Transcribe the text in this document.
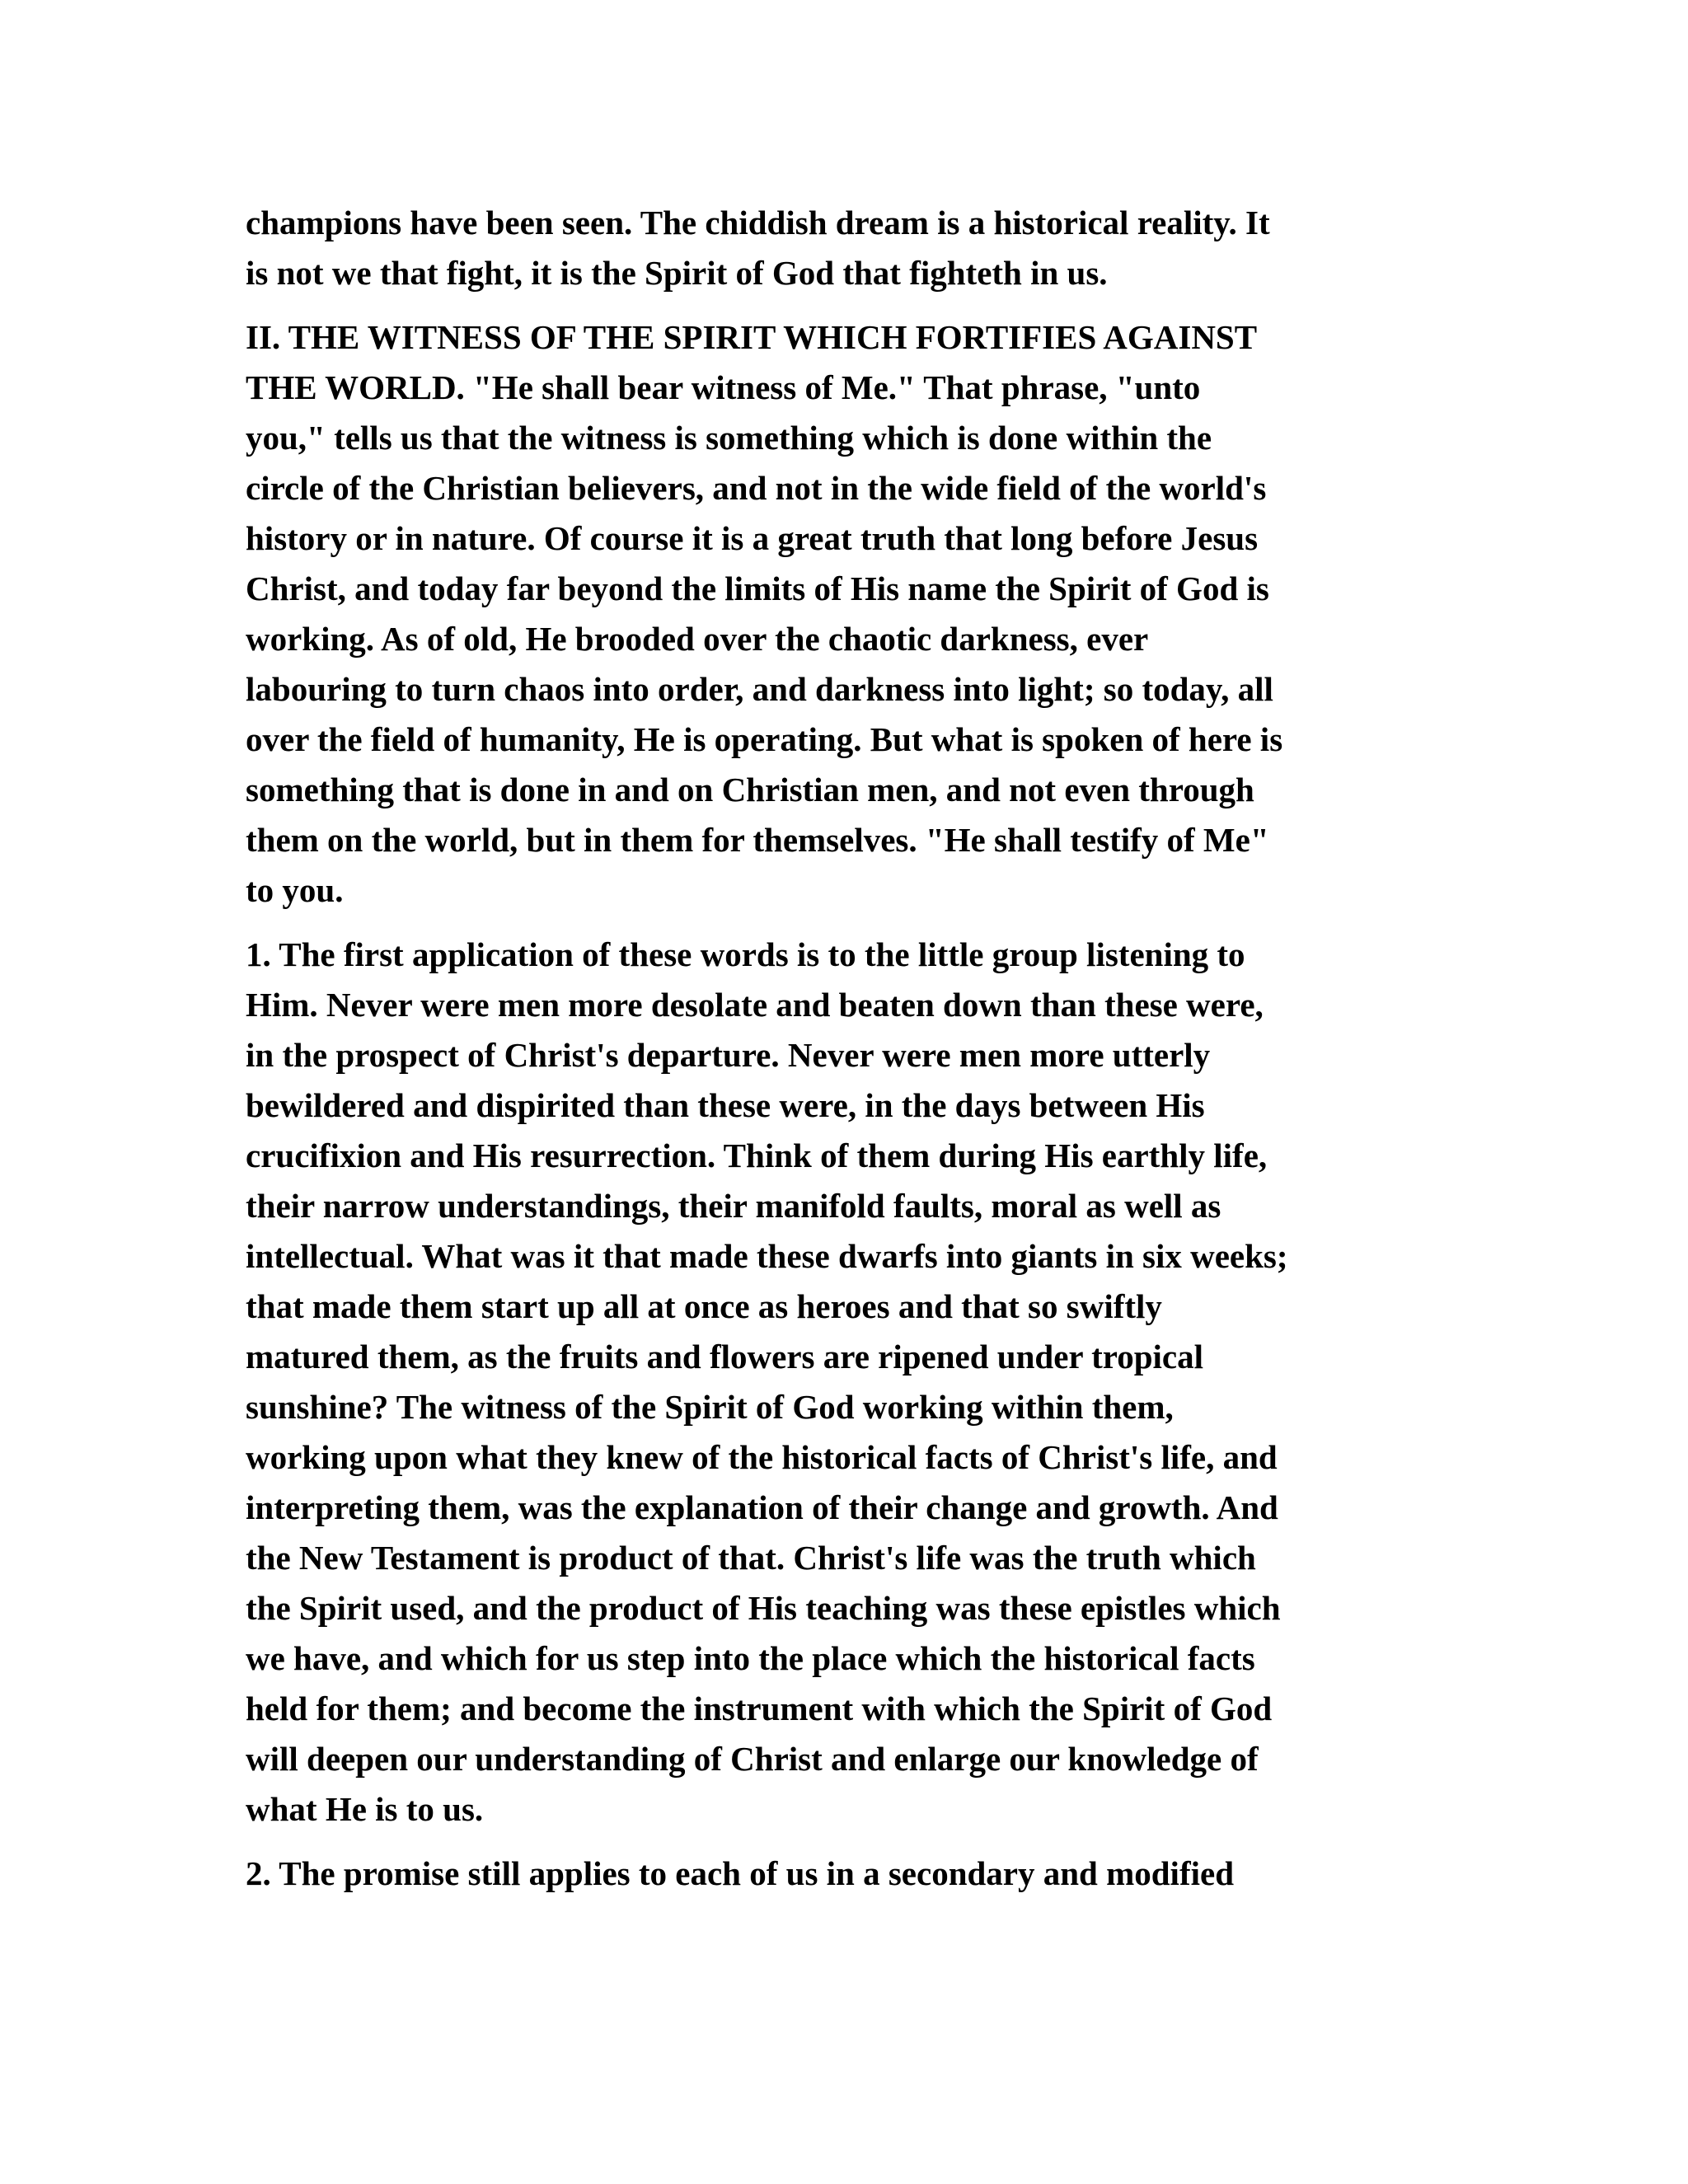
champions have been seen. The chiddish dream is a historical reality. It
is not we that fight, it is the Spirit of God that fighteth in us.

II. THE WITNESS OF THE SPIRIT WHICH FORTIFIES AGAINST
THE WORLD. "He shall bear witness of Me." That phrase, "unto
you," tells us that the witness is something which is done within the
circle of the Christian believers, and not in the wide field of the world's
history or in nature. Of course it is a great truth that long before Jesus
Christ, and today far beyond the limits of His name the Spirit of God is
working. As of old, He brooded over the chaotic darkness, ever
labouring to turn chaos into order, and darkness into light; so today, all
over the field of humanity, He is operating. But what is spoken of here is
something that is done in and on Christian men, and not even through
them on the world, but in them for themselves. "He shall testify of Me"
to you.

1. The first application of these words is to the little group listening to
Him. Never were men more desolate and beaten down than these were,
in the prospect of Christ's departure. Never were men more utterly
bewildered and dispirited than these were, in the days between His
crucifixion and His resurrection. Think of them during His earthly life,
their narrow understandings, their manifold faults, moral as well as
intellectual. What was it that made these dwarfs into giants in six weeks;
that made them start up all at once as heroes and that so swiftly
matured them, as the fruits and flowers are ripened under tropical
sunshine? The witness of the Spirit of God working within them,
working upon what they knew of the historical facts of Christ's life, and
interpreting them, was the explanation of their change and growth. And
the New Testament is product of that. Christ's life was the truth which
the Spirit used, and the product of His teaching was these epistles which
we have, and which for us step into the place which the historical facts
held for them; and become the instrument with which the Spirit of God
will deepen our understanding of Christ and enlarge our knowledge of
what He is to us.

2. The promise still applies to each of us in a secondary and modified
